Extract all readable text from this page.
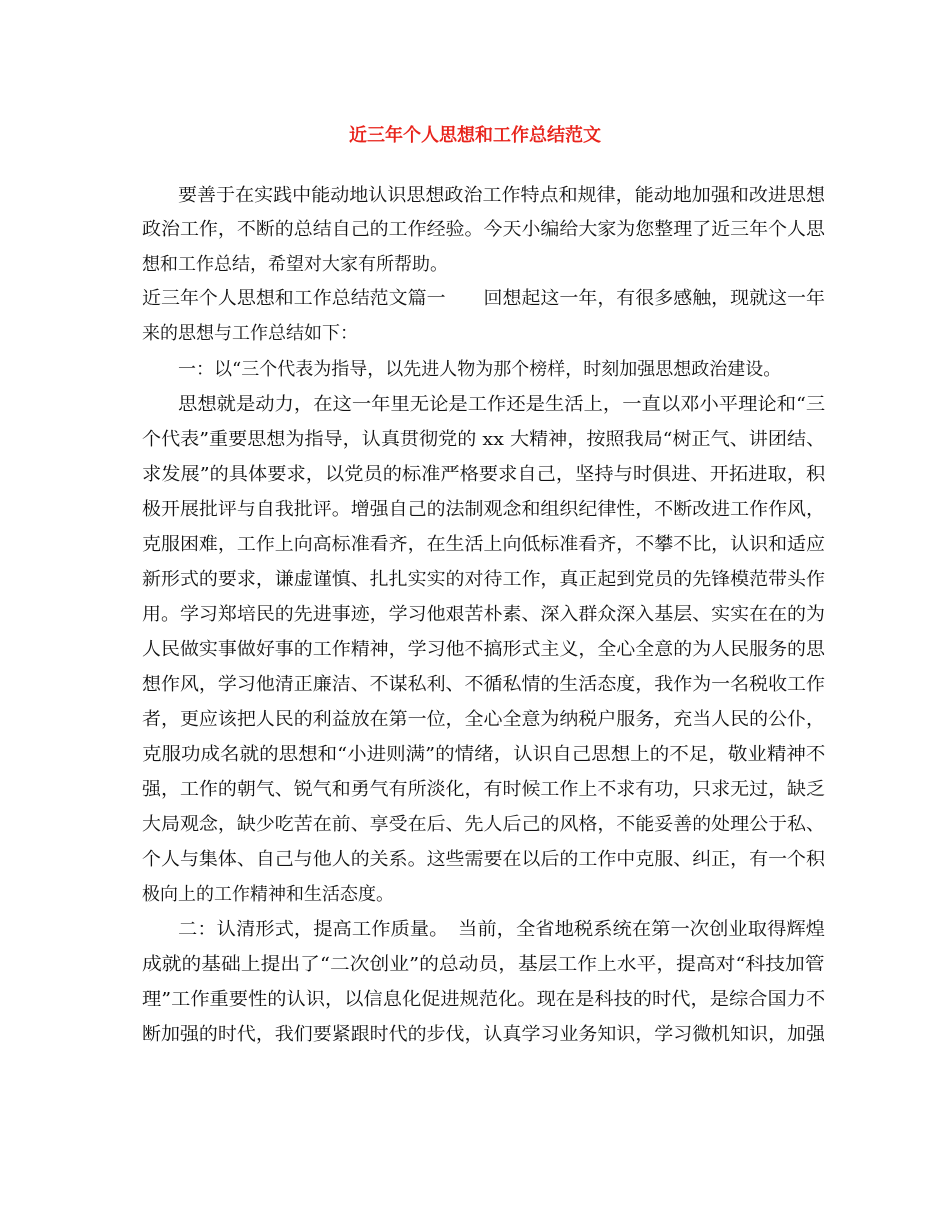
近三年个人思想和工作总结范文
要善于在实践中能动地认识思想政治工作特点和规律，能动地加强和改进思想
政治工作，不断的总结自己的工作经验。今天小编给大家为您整理了近三年个人思
想和工作总结，希望对大家有所帮助。
近三年个人思想和工作总结范文篇一　　回想起这一年，有很多感触，现就这一年
来的思想与工作总结如下：
一：以“三个代表为指导，以先进人物为那个榜样，时刻加强思想政治建设。
思想就是动力，在这一年里无论是工作还是生活上，一直以邓小平理论和“三
个代表”重要思想为指导，认真贯彻党的 xx 大精神，按照我局“树正气、讲团结、
求发展”的具体要求，以党员的标准严格要求自己，坚持与时俱进、开拓进取，积
极开展批评与自我批评。增强自己的法制观念和组织纪律性，不断改进工作作风，
克服困难，工作上向高标准看齐，在生活上向低标准看齐，不攀不比，认识和适应
新形式的要求，谦虚谨慎、扎扎实实的对待工作，真正起到党员的先锋模范带头作
用。学习郑培民的先进事迹，学习他艰苦朴素、深入群众深入基层、实实在在的为
人民做实事做好事的工作精神，学习他不搞形式主义，全心全意的为人民服务的思
想作风，学习他清正廉洁、不谋私利、不循私情的生活态度，我作为一名税收工作
者，更应该把人民的利益放在第一位，全心全意为纳税户服务，充当人民的公仆，
克服功成名就的思想和“小进则满”的情绪，认识自己思想上的不足，敬业精神不
强，工作的朝气、锐气和勇气有所淡化，有时候工作上不求有功，只求无过，缺乏
大局观念，缺少吃苦在前、享受在后、先人后己的风格，不能妥善的处理公于私、
个人与集体、自己与他人的关系。这些需要在以后的工作中克服、纠正，有一个积
极向上的工作精神和生活态度。
二：认清形式，提高工作质量。　当前，全省地税系统在第一次创业取得辉煌
成就的基础上提出了“二次创业”的总动员，基层工作上水平，提高对“科技加管
理”工作重要性的认识，以信息化促进规范化。现在是科技的时代，是综合国力不
断加强的时代，我们要紧跟时代的步伐，认真学习业务知识，学习微机知识，加强
